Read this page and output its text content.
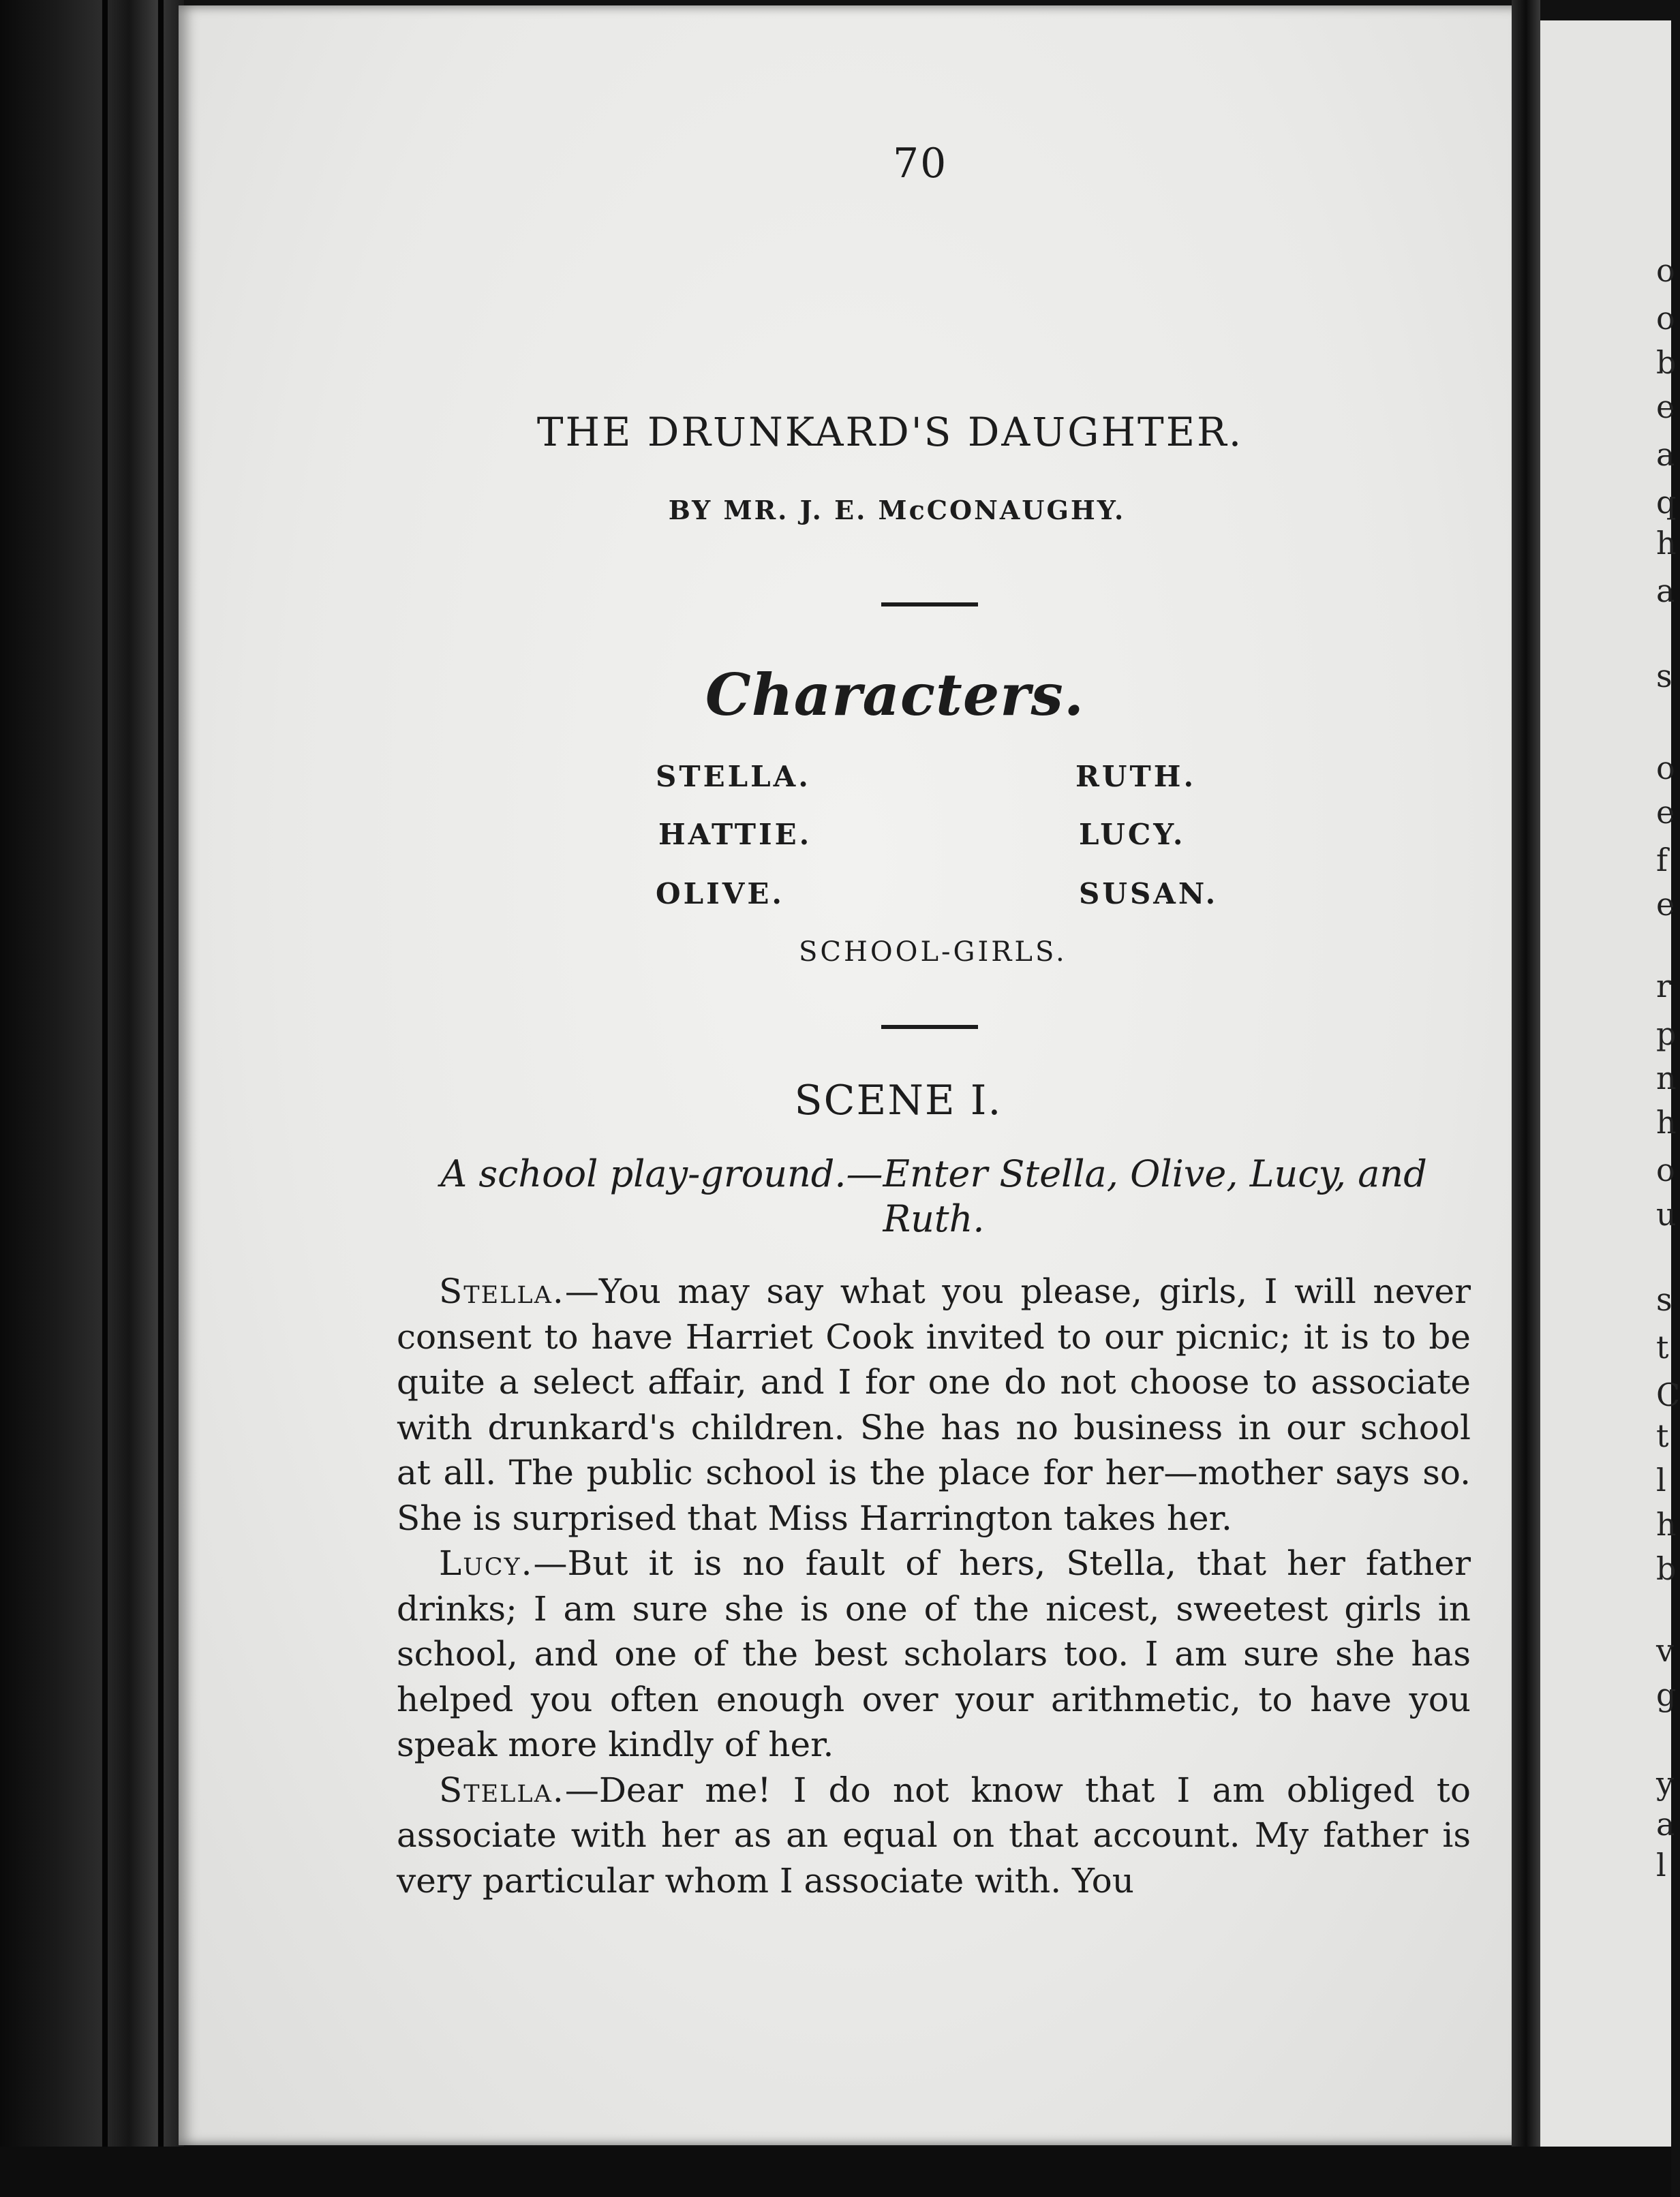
o
o
b
e
a
q
h
a
s
o
e
f
e
r
p
n
h
o
u
s
t
C
t
l
h
b
v
g
y
a
l
70
THE DRUNKARD'S DAUGHTER.
BY MR. J. E. McCONAUGHY.
Characters.
STELLA.	RUTH.
HATTIE.	LUCY.
OLIVE.	SUSAN.
SCHOOL-GIRLS.
SCENE I.
A school play-ground.—Enter Stella, Olive, Lucy, and Ruth.

Stella.—You may say what you please, girls, I will never consent to have Harriet Cook invited to our picnic; it is to be quite a select affair, and I for one do not choose to associate with drunkard's children. She has no business in our school at all. The public school is the place for her—mother says so. She is surprised that Miss Harrington takes her.

Lucy.—But it is no fault of hers, Stella, that her father drinks; I am sure she is one of the nicest, sweetest girls in school, and one of the best scholars too. I am sure she has helped you often enough over your arithmetic, to have you speak more kindly of her.

Stella.—Dear me! I do not know that I am obliged to associate with her as an equal on that account. My father is very particular whom I associate with. You
